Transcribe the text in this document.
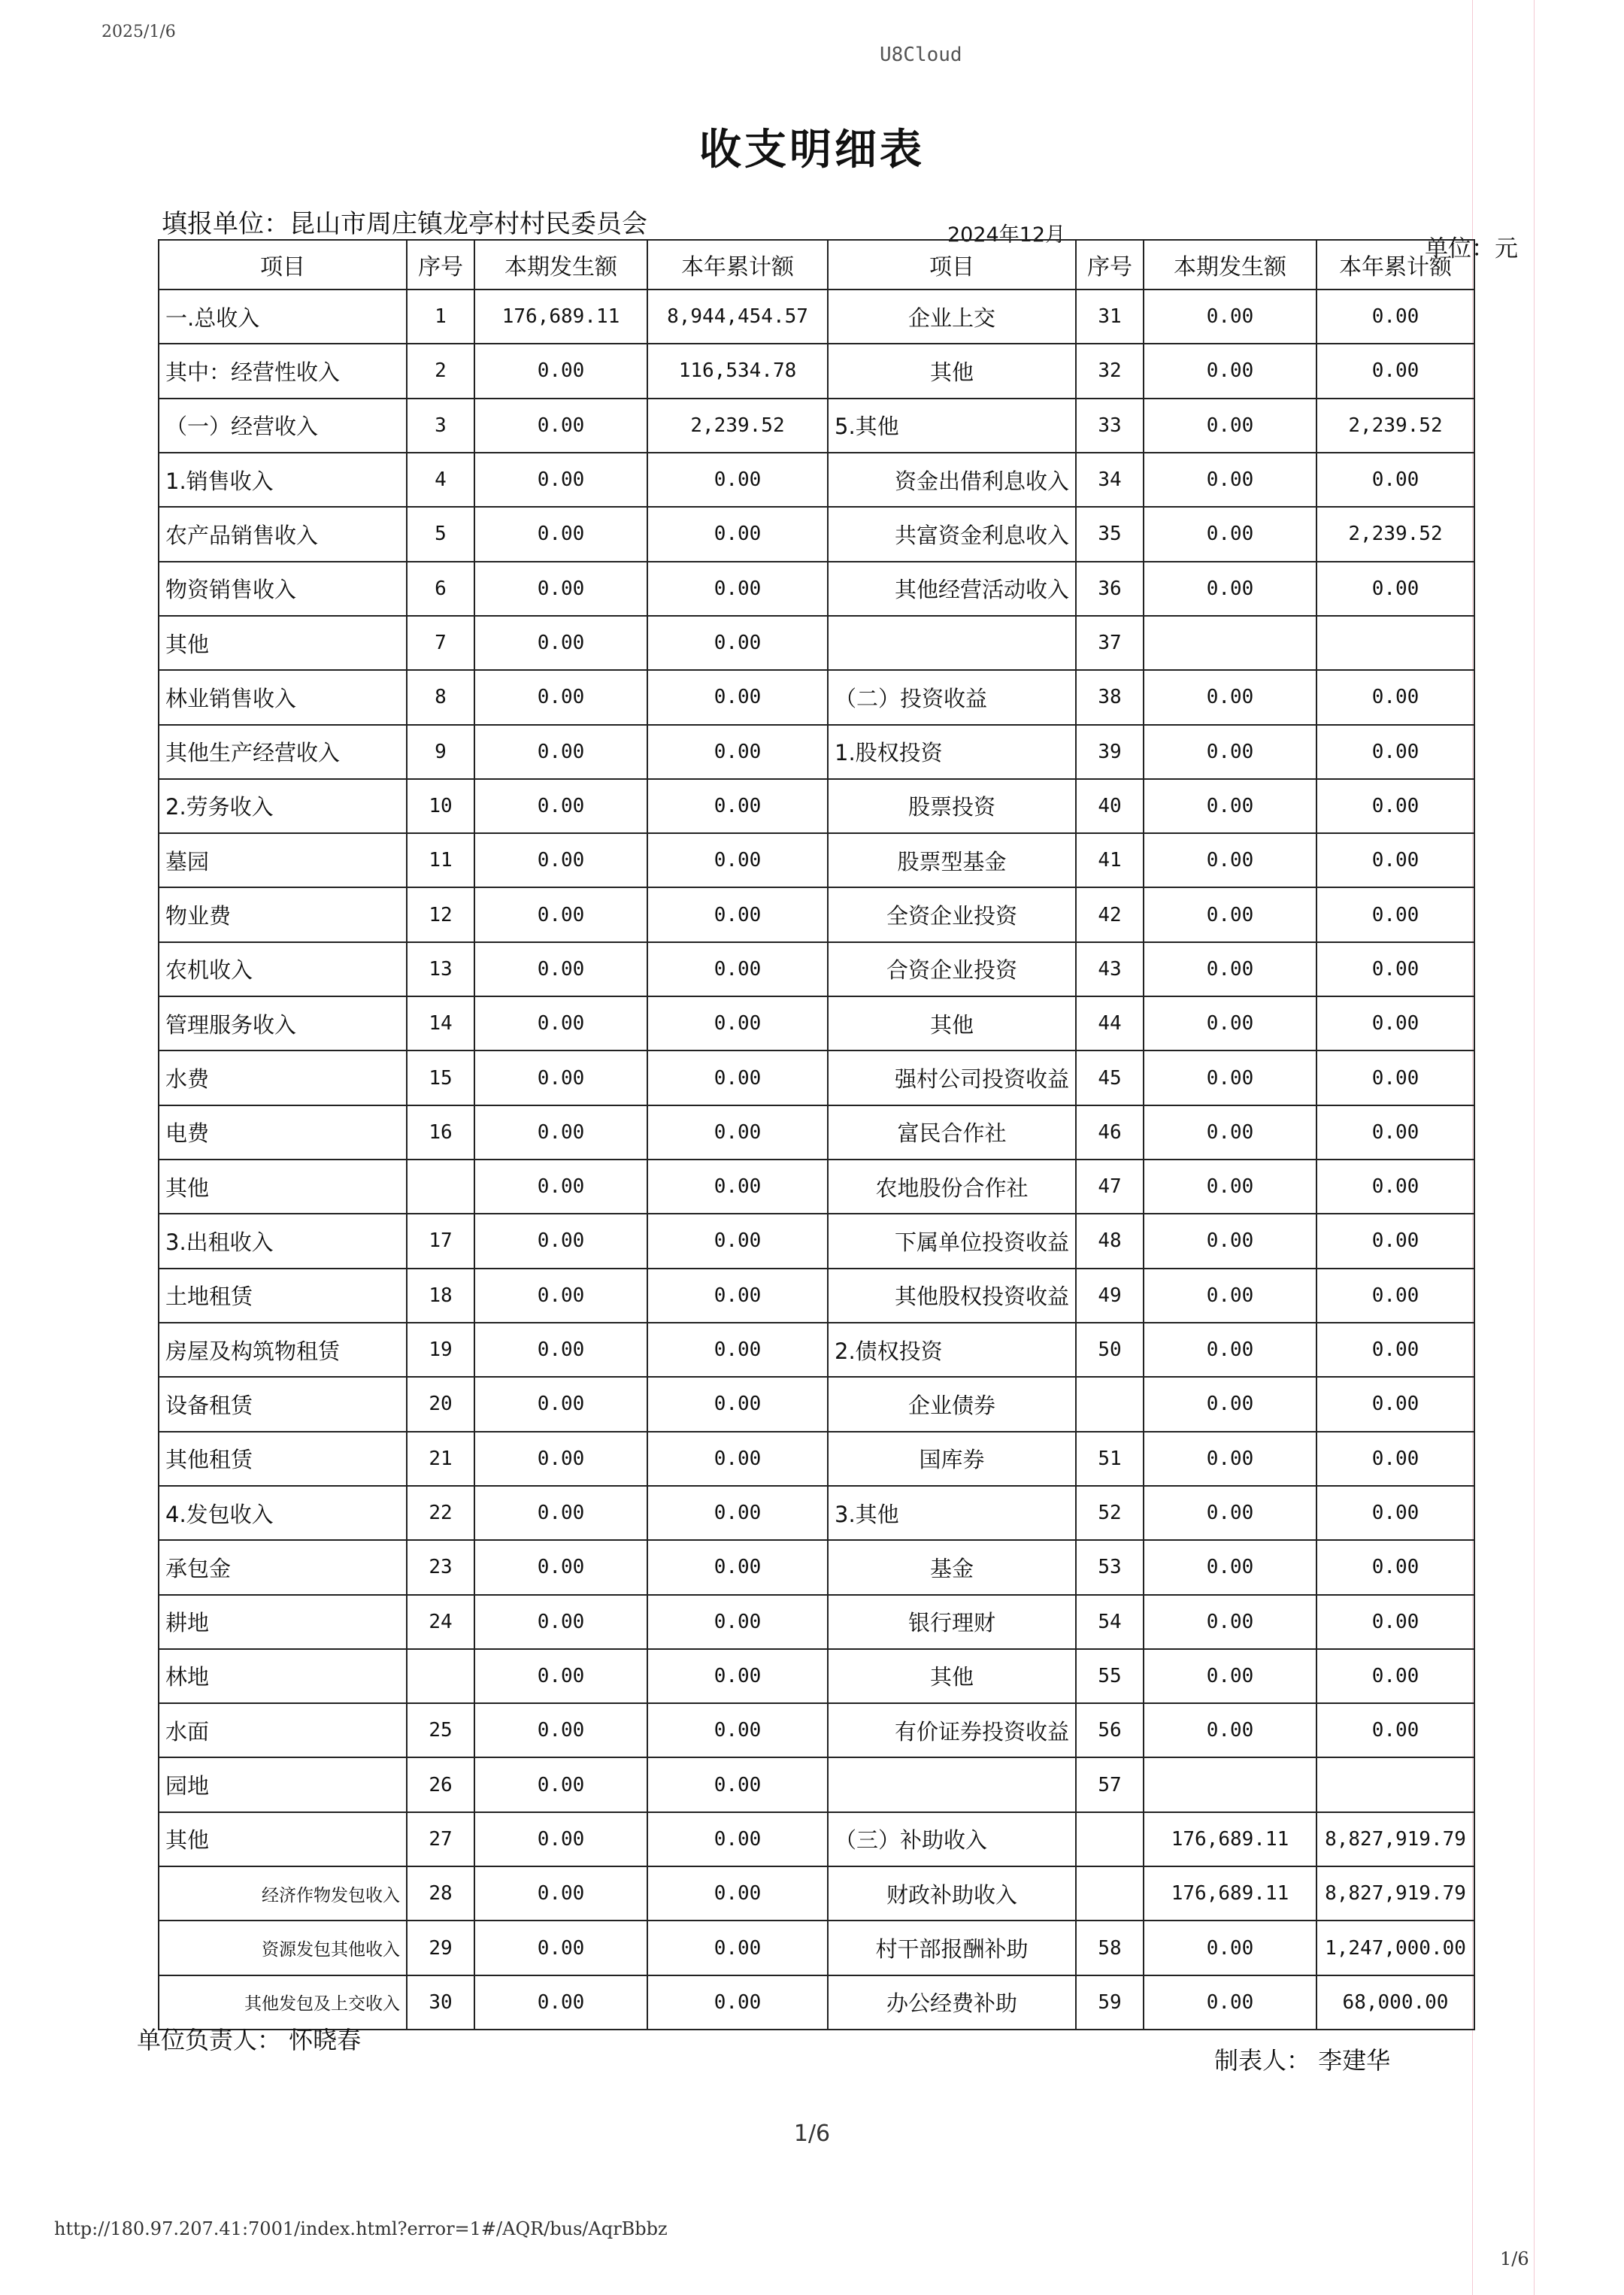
2025/1/6
U8Cloud
收支明细表
填报单位：昆山市周庄镇龙亭村村民委员会	2024年12月
单位：元
项目	序号	本期发生额	本年累计额	项目	序号	本期发生额	本年累计额
一.总收入	1	176,689.11	8,944,454.57	企业上交	31	0.00	0.00
其中：经营性收入	2	0.00	116,534.78	其他	32	0.00	0.00
（一）经营收入	3	0.00	2,239.52	5.其他	33	0.00	2,239.52
1.销售收入	4	0.00	0.00	资金出借利息收入	34	0.00	0.00
农产品销售收入	5	0.00	0.00	共富资金利息收入	35	0.00	2,239.52
物资销售收入	6	0.00	0.00	其他经营活动收入	36	0.00	0.00
其他	7	0.00	0.00		37		
林业销售收入	8	0.00	0.00	（二）投资收益	38	0.00	0.00
其他生产经营收入	9	0.00	0.00	1.股权投资	39	0.00	0.00
2.劳务收入	10	0.00	0.00	股票投资	40	0.00	0.00
墓园	11	0.00	0.00	股票型基金	41	0.00	0.00
物业费	12	0.00	0.00	全资企业投资	42	0.00	0.00
农机收入	13	0.00	0.00	合资企业投资	43	0.00	0.00
管理服务收入	14	0.00	0.00	其他	44	0.00	0.00
水费	15	0.00	0.00	强村公司投资收益	45	0.00	0.00
电费	16	0.00	0.00	富民合作社	46	0.00	0.00
其他		0.00	0.00	农地股份合作社	47	0.00	0.00
3.出租收入	17	0.00	0.00	下属单位投资收益	48	0.00	0.00
土地租赁	18	0.00	0.00	其他股权投资收益	49	0.00	0.00
房屋及构筑物租赁	19	0.00	0.00	2.债权投资	50	0.00	0.00
设备租赁	20	0.00	0.00	企业债券		0.00	0.00
其他租赁	21	0.00	0.00	国库券	51	0.00	0.00
4.发包收入	22	0.00	0.00	3.其他	52	0.00	0.00
承包金	23	0.00	0.00	基金	53	0.00	0.00
耕地	24	0.00	0.00	银行理财	54	0.00	0.00
林地		0.00	0.00	其他	55	0.00	0.00
水面	25	0.00	0.00	有价证券投资收益	56	0.00	0.00
园地	26	0.00	0.00		57		
其他	27	0.00	0.00	（三）补助收入		176,689.11	8,827,919.79
经济作物发包收入	28	0.00	0.00	财政补助收入		176,689.11	8,827,919.79
资源发包其他收入	29	0.00	0.00	村干部报酬补助	58	0.00	1,247,000.00
其他发包及上交收入	30	0.00	0.00	办公经费补助	59	0.00	68,000.00
单位负责人： 怀晓春
制表人： 李建华
1/6
http://180.97.207.41:7001/index.html?error=1#/AQR/bus/AqrBbbz
1/6
